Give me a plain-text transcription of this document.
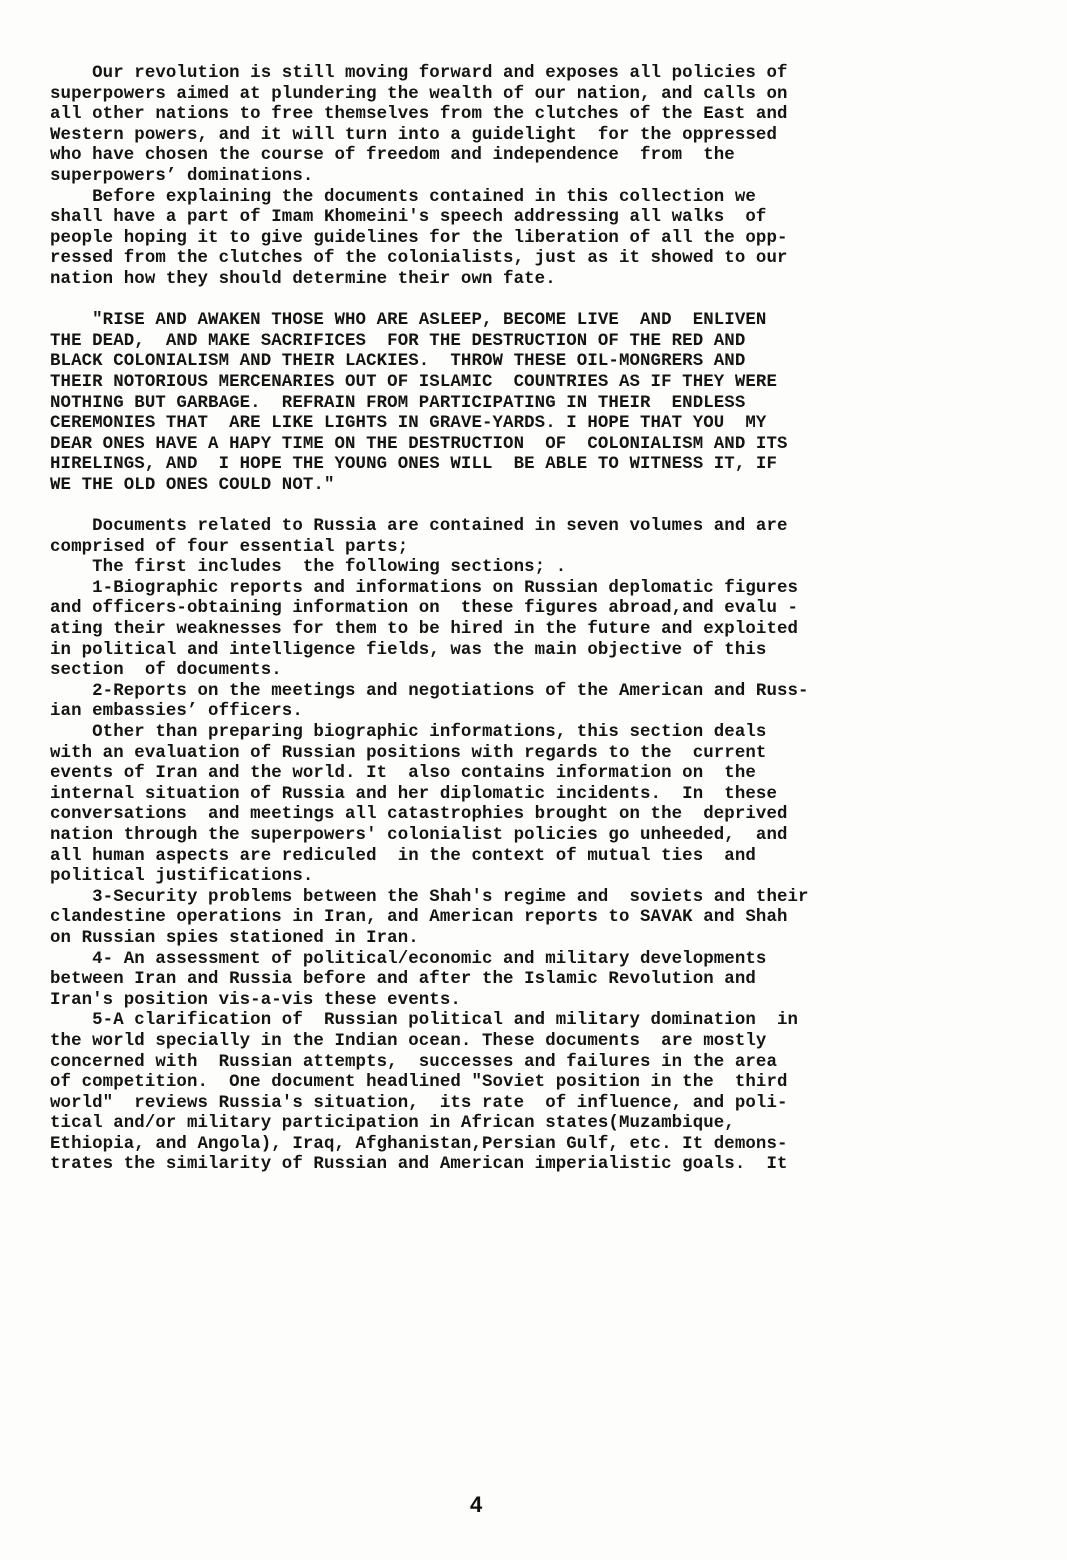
Our revolution is still moving forward and exposes all policies of
superpowers aimed at plundering the wealth of our nation, and calls on
all other nations to free themselves from the clutches of the East and
Western powers, and it will turn into a guidelight  for the oppressed
who have chosen the course of freedom and independence  from  the
superpowers’ dominations.
Before explaining the documents contained in this collection we
shall have a part of Imam Khomeini's speech addressing all walks  of
people hoping it to give guidelines for the liberation of all the opp-
ressed from the clutches of the colonialists, just as it showed to our
nation how they should determine their own fate.
"RISE AND AWAKEN THOSE WHO ARE ASLEEP, BECOME LIVE  AND  ENLIVEN
THE DEAD,  AND MAKE SACRIFICES  FOR THE DESTRUCTION OF THE RED AND
BLACK COLONIALISM AND THEIR LACKIES.  THROW THESE OIL-MONGRERS AND
THEIR NOTORIOUS MERCENARIES OUT OF ISLAMIC  COUNTRIES AS IF THEY WERE
NOTHING BUT GARBAGE.  REFRAIN FROM PARTICIPATING IN THEIR  ENDLESS
CEREMONIES THAT  ARE LIKE LIGHTS IN GRAVE-YARDS. I HOPE THAT YOU  MY
DEAR ONES HAVE A HAPY TIME ON THE DESTRUCTION  OF  COLONIALISM AND ITS
HIRELINGS, AND  I HOPE THE YOUNG ONES WILL  BE ABLE TO WITNESS IT, IF
WE THE OLD ONES COULD NOT."
Documents related to Russia are contained in seven volumes and are
comprised of four essential parts;
The first includes  the following sections; .
1-Biographic reports and informations on Russian deplomatic figures
and officers-obtaining information on  these figures abroad,and evalu -
ating their weaknesses for them to be hired in the future and exploited
in political and intelligence fields, was the main objective of this
section  of documents.
2-Reports on the meetings and negotiations of the American and Russ-
ian embassies’ officers.
Other than preparing biographic informations, this section deals
with an evaluation of Russian positions with regards to the  current
events of Iran and the world. It  also contains information on  the
internal situation of Russia and her diplomatic incidents.  In  these
conversations  and meetings all catastrophies brought on the  deprived
nation through the superpowers' colonialist policies go unheeded,  and
all human aspects are rediculed  in the context of mutual ties  and
political justifications.
3-Security problems between the Shah's regime and  soviets and their
clandestine operations in Iran, and American reports to SAVAK and Shah
on Russian spies stationed in Iran.
4- An assessment of political/economic and military developments
between Iran and Russia before and after the Islamic Revolution and
Iran's position vis-a-vis these events.
5-A clarification of  Russian political and military domination  in
the world specially in the Indian ocean. These documents  are mostly
concerned with  Russian attempts,  successes and failures in the area
of competition.  One document headlined "Soviet position in the  third
world"  reviews Russia's situation,  its rate  of influence, and poli-
tical and/or military participation in African states(Muzambique,
Ethiopia, and Angola), Iraq, Afghanistan,Persian Gulf, etc. It demons-
trates the similarity of Russian and American imperialistic goals.  It
4
